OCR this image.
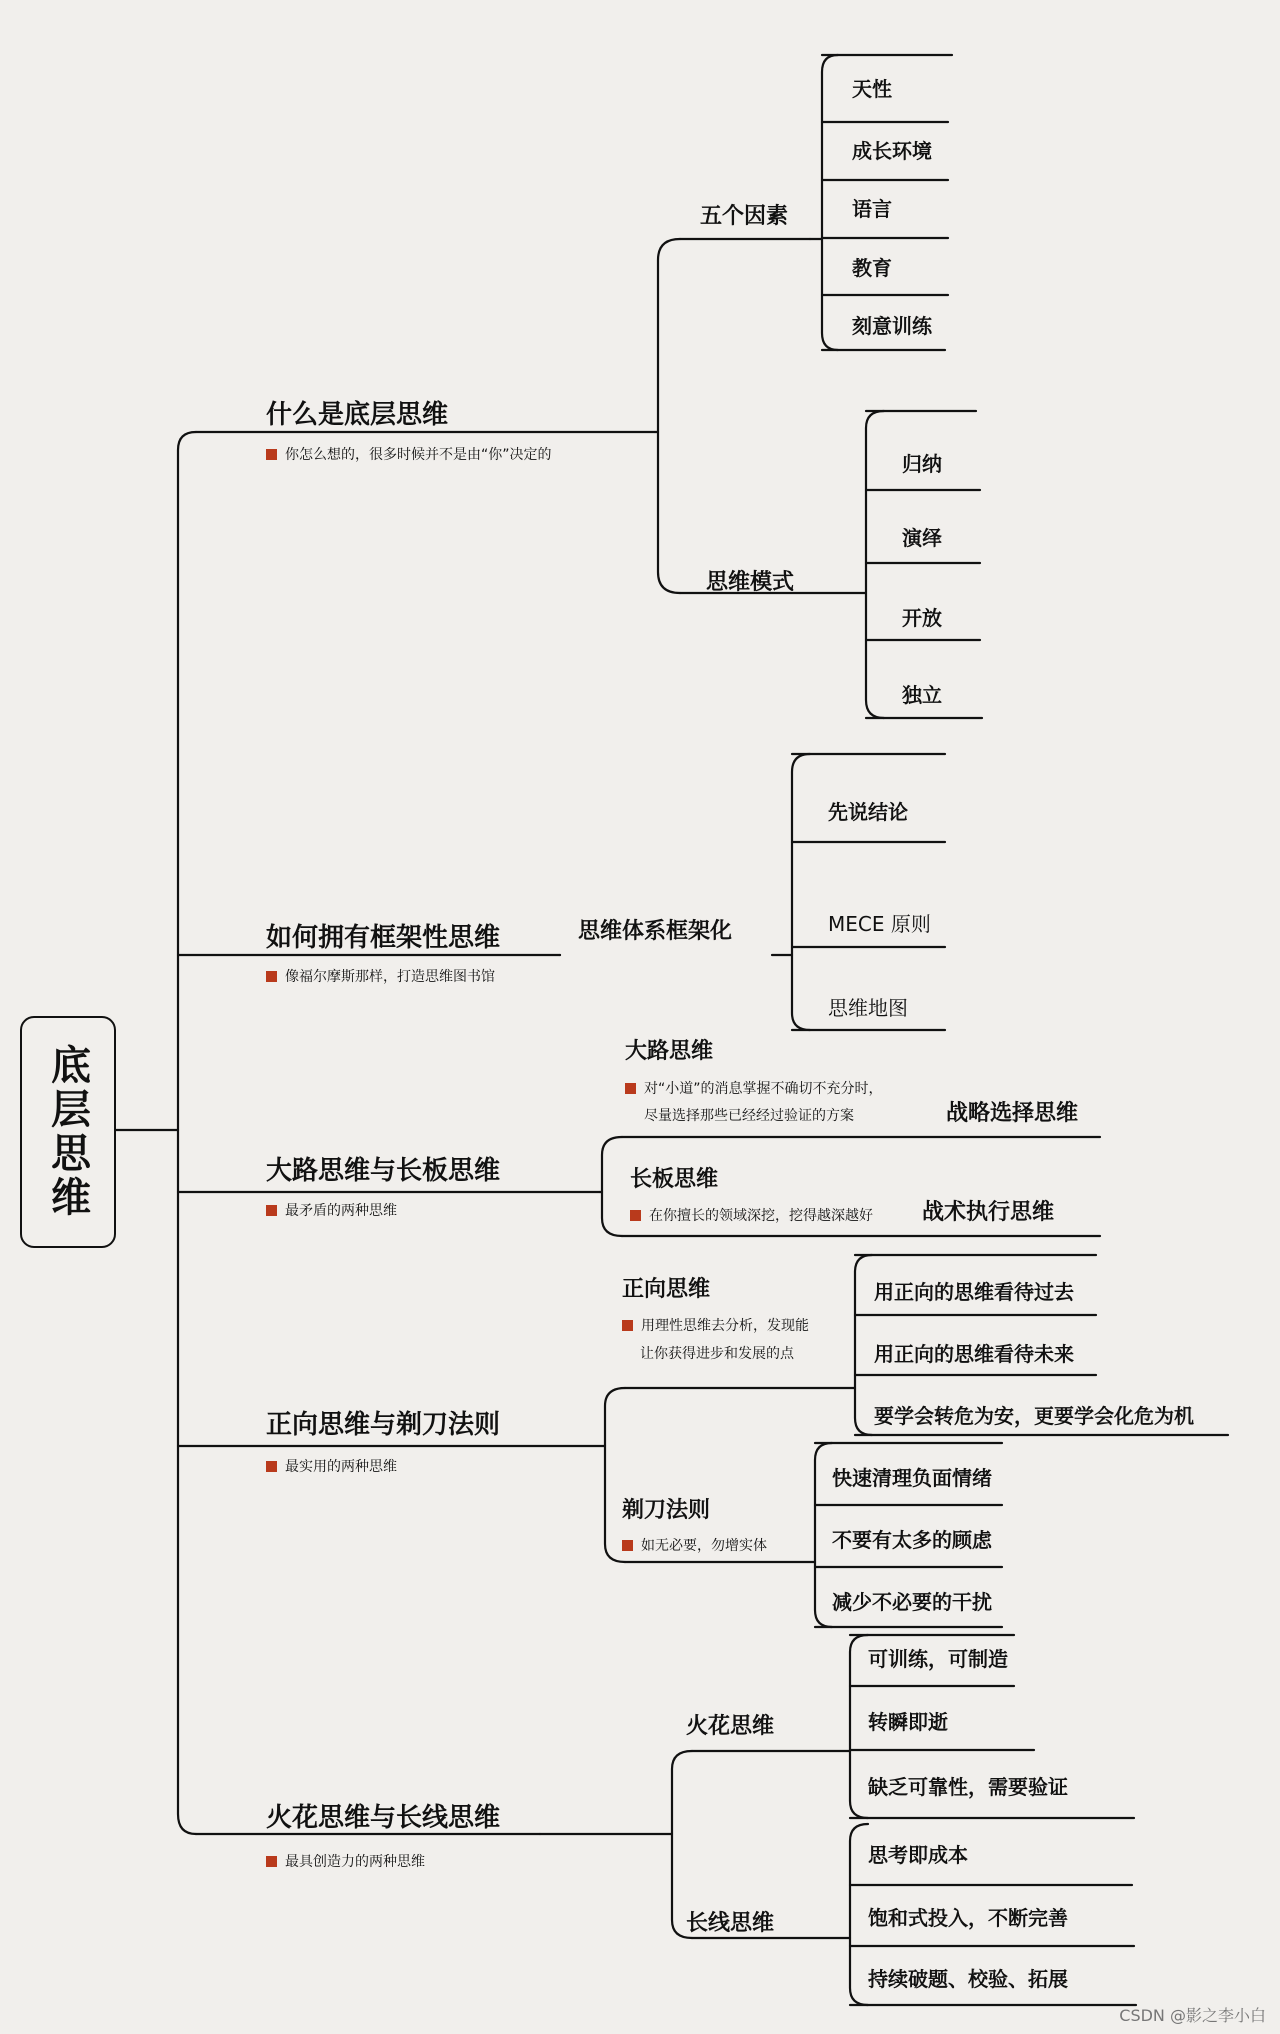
底层思维
什么是底层思维
你怎么想的，很多时候并不是由“你”决定的
五个因素
天性
成长环境
语言
教育
刻意训练
思维模式
归纳
演绎
开放
独立
如何拥有框架性思维
像福尔摩斯那样，打造思维图书馆
思维体系框架化
先说结论
MECE 原则
思维地图
大路思维与长板思维
最矛盾的两种思维
大路思维
对“小道”的消息掌握不确切不充分时，
尽量选择那些已经经过验证的方案	战略选择思维
长板思维
在你擅长的领域深挖，挖得越深越好 战术执行思维
正向思维与剃刀法则
最实用的两种思维
正向思维
用理性思维去分析，发现能
让你获得进步和发展的点
用正向的思维看待过去
用正向的思维看待未来
要学会转危为安，更要学会化危为机
剃刀法则
如无必要，勿增实体
快速清理负面情绪
不要有太多的顾虑
减少不必要的干扰
火花思维与长线思维
最具创造力的两种思维
火花思维
可训练，可制造
转瞬即逝
缺乏可靠性，需要验证
长线思维
思考即成本
饱和式投入，不断完善
持续破题、校验、拓展
CSDN @影之李小白
